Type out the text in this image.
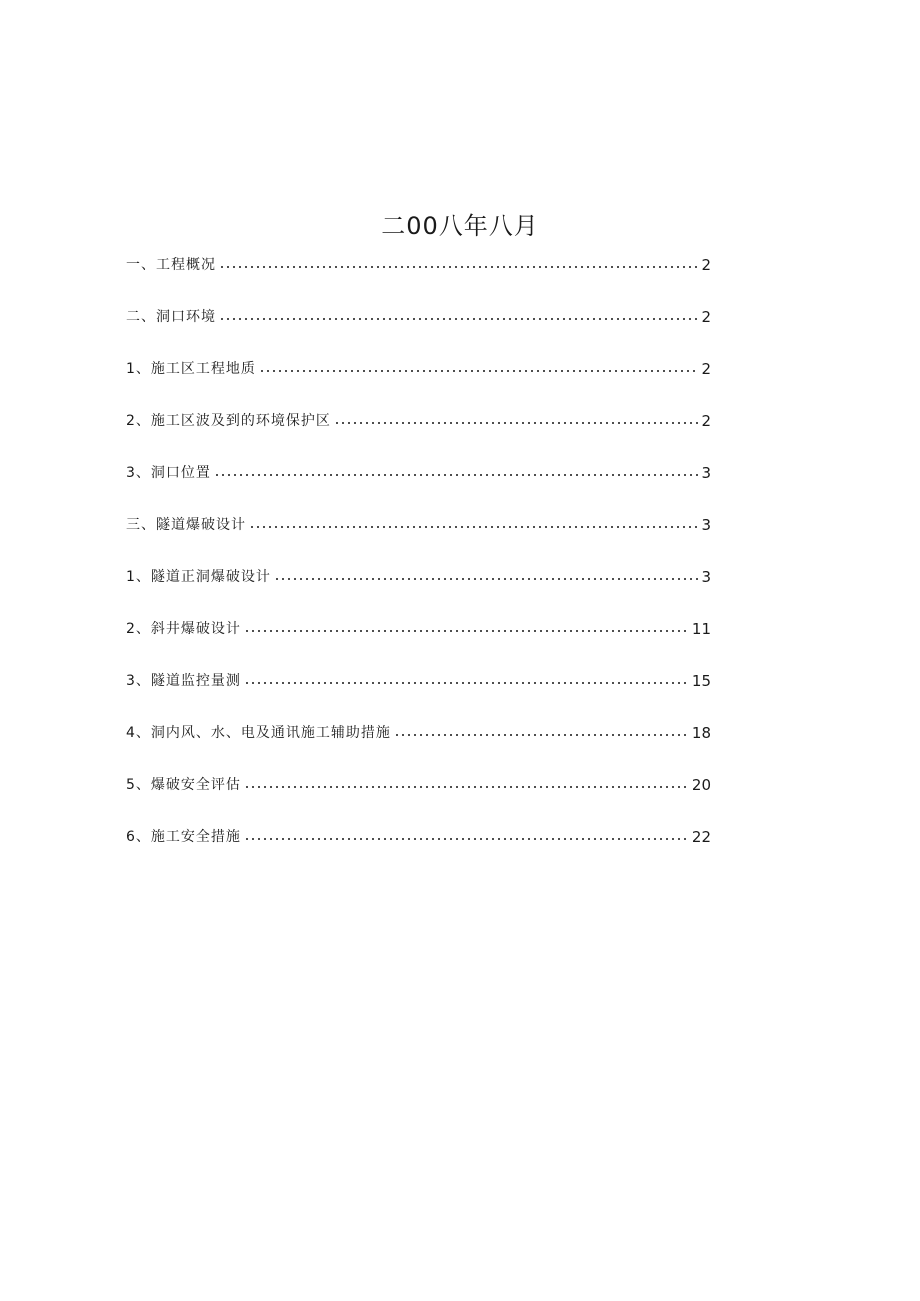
二00八年八月
一、工程概况	2
二、洞口环境	2
1、施工区工程地质	2
2、施工区波及到的环境保护区	2
3、洞口位置	3
三、隧道爆破设计	3
1、隧道正洞爆破设计	3
2、斜井爆破设计	11
3、隧道监控量测	15
4、洞内风、水、电及通讯施工辅助措施	18
5、爆破安全评估	20
6、施工安全措施	22
